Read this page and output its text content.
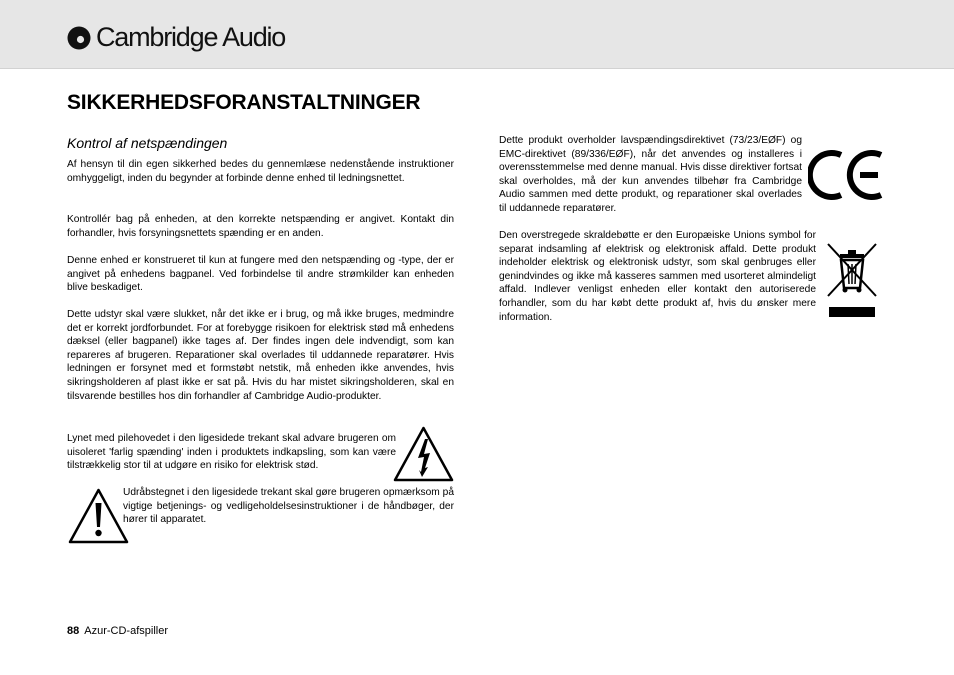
Cambridge Audio
SIKKERHEDSFORANSTALTNINGER
Kontrol af netspændingen

Af hensyn til din egen sikkerhed bedes du gennemlæse nedenstående instruktioner omhyggeligt, inden du begynder at forbinde denne enhed til ledningsnettet.

Kontrollér bag på enheden, at den korrekte netspænding er angivet. Kontakt din forhandler, hvis forsyningsnettets spænding er en anden.

Denne enhed er konstrueret til kun at fungere med den netspænding og -type, der er angivet på enhedens bagpanel. Ved forbindelse til andre strømkilder kan enheden blive beskadiget.

Dette udstyr skal være slukket, når det ikke er i brug, og må ikke bruges, medmindre det er korrekt jordforbundet. For at forebygge risikoen for elektrisk stød må enhedens dæksel (eller bagpanel) ikke tages af. Der findes ingen dele indvendigt, som kan repareres af brugeren. Reparationer skal overlades til uddannede reparatører. Hvis ledningen er forsynet med et formstøbt netstik, må enheden ikke anvendes, hvis sikringsholderen af plast ikke er sat på. Hvis du har mistet sikringsholderen, skal en tilsvarende bestilles hos din forhandler af Cambridge Audio-produkter.

Lynet med pilehovedet i den ligesidede trekant skal advare brugeren om uisoleret 'farlig spænding' inden i produktets indkapsling, som kan være tilstrækkelig stor til at udgøre en risiko for elektrisk stød.

Udråbstegnet i den ligesidede trekant skal gøre brugeren opmærksom på vigtige betjenings- og vedligeholdelsesinstruktioner i de håndbøger, der hører til apparatet.

Dette produkt overholder lavspændingsdirektivet (73/23/EØF) og EMC-direktivet (89/336/EØF), når det anvendes og installeres i overensstemmelse med denne manual. Hvis disse direktiver fortsat skal overholdes, må der kun anvendes tilbehør fra Cambridge Audio sammen med dette produkt, og reparationer skal overlades til uddannede reparatører.

Den overstregede skraldebøtte er den Europæiske Unions symbol for separat indsamling af elektrisk og elektronisk affald. Dette produkt indeholder elektrisk og elektronisk udstyr, som skal genbruges eller genindvindes og ikke må kasseres sammen med usorteret almindeligt affald. Indlever venligst enheden eller kontakt den autoriserede forhandler, som du har købt dette produkt af, hvis du ønsker mere information.

88 Azur-CD-afspiller
